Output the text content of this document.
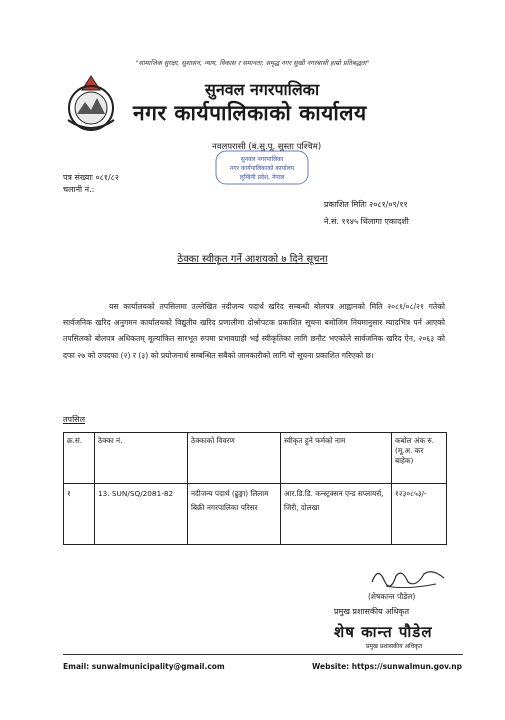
"सामाजिक सुरक्षा, सुशासन, न्याय, विकास र समानता; समृद्ध नगर सुखी नगरबासी हाम्रो प्रतिबद्धता"
सुनवल नगरपालिका
नगर कार्यपालिकाको कार्यालय
नवलपरासी (ब.सु.पू. सुस्ता पश्चिम)
सुनवल नगरपालिका
नगर कार्यपालिकाको कार्यालय
लुम्बिनी प्रदेश, नेपाल
पत्र संख्याः ०८१/८२
चलानी नं.:
प्रकाशित मितिः २०८१/०९/११
ने.सं. ११४५ थिंलागा एकादशी
ठेक्का स्वीकृत गर्ने आशयको ७ दिने सूचना
यस कार्यालयको तपसिलमा उल्लेखित नदीजन्य पदार्थ खरिद सम्बन्धी बोलपत्र आह्वानको मिति २०८१/०८/२१ गतेको सार्वजनिक खरिद अनुगमन कार्यालयको विद्युतीय खरिद प्रणालीमा दोश्रोपटक प्रकाशित सूचना बमोजिम नियमानुसार म्यादभित्र पर्न आएको तपसिलको बोलपत्र अधिकतम् मूल्यांकित सारभूत रुपमा प्रभावग्राही भई स्वीकृतिका लागि छनौट भएकोले सार्वजनिक खरिद ऐन, २०६३ को दफा २७ को उपदफा (२) र (३) को प्रयोजनार्थ सम्बन्धित सबैको जानकारीको लागि यो सूचना प्रकाशित गरिएको छ।
तपसिल
क्र.सं.	ठेक्का नं.	ठेक्काको विवरण	स्वीकृत हुने फर्मको नाम	कबोल अंक रु. (मू.अ. कर बाहेक)
१	13. SUN/SQ/2081-82	नदीजन्य पदार्थ (ढुङ्गा) लिलाम बिक्री नगरपालिका परिसर	आर.डि.डि. कन्स्ट्रक्सन एन्ड सप्लायर्स, जिरी, दोलखा	१२३०८५३/-
(शेषकान्त पौडेल)
प्रमुख प्रशासकीय अधिकृत
शेष कान्त पौडेल
प्रमुख प्रशासकीय अधिकृत
Email: sunwalmunicipality@gmail.com	Website: https://sunwalmun.gov.np
